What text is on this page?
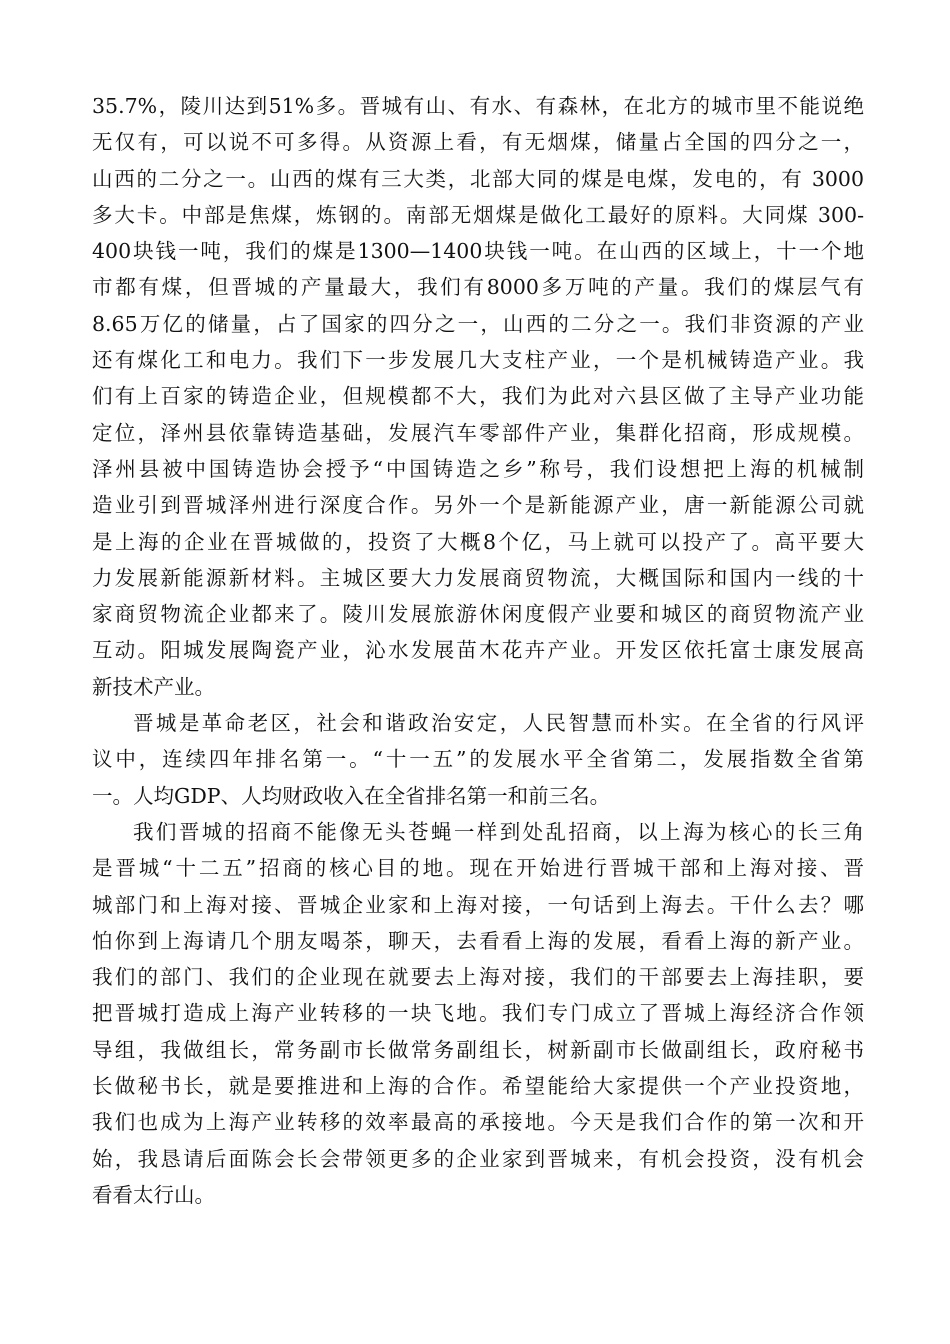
35.7%，陵川达到51%多。晋城有山、有水、有森林，在北方的城市里不能说绝
无仅有，可以说不可多得。从资源上看，有无烟煤，储量占全国的四分之一，
山西的二分之一。山西的煤有三大类，北部大同的煤是电煤，发电的，有 3000
多大卡。中部是焦煤，炼钢的。南部无烟煤是做化工最好的原料。大同煤 300-
400块钱一吨，我们的煤是1300—1400块钱一吨。在山西的区域上，十一个地
市都有煤，但晋城的产量最大，我们有8000多万吨的产量。我们的煤层气有
8.65万亿的储量，占了国家的四分之一，山西的二分之一。我们非资源的产业
还有煤化工和电力。我们下一步发展几大支柱产业，一个是机械铸造产业。我
们有上百家的铸造企业，但规模都不大，我们为此对六县区做了主导产业功能
定位，泽州县依靠铸造基础，发展汽车零部件产业，集群化招商，形成规模。
泽州县被中国铸造协会授予“中国铸造之乡”称号，我们设想把上海的机械制
造业引到晋城泽州进行深度合作。另外一个是新能源产业，唐一新能源公司就
是上海的企业在晋城做的，投资了大概8个亿，马上就可以投产了。高平要大
力发展新能源新材料。主城区要大力发展商贸物流，大概国际和国内一线的十
家商贸物流企业都来了。陵川发展旅游休闲度假产业要和城区的商贸物流产业
互动。阳城发展陶瓷产业，沁水发展苗木花卉产业。开发区依托富士康发展高
新技术产业。
晋城是革命老区，社会和谐政治安定，人民智慧而朴实。在全省的行风评
议中，连续四年排名第一。“十一五”的发展水平全省第二，发展指数全省第
一。人均GDP、人均财政收入在全省排名第一和前三名。
我们晋城的招商不能像无头苍蝇一样到处乱招商，以上海为核心的长三角
是晋城“十二五”招商的核心目的地。现在开始进行晋城干部和上海对接、晋
城部门和上海对接、晋城企业家和上海对接，一句话到上海去。干什么去？哪
怕你到上海请几个朋友喝茶，聊天，去看看上海的发展，看看上海的新产业。
我们的部门、我们的企业现在就要去上海对接，我们的干部要去上海挂职，要
把晋城打造成上海产业转移的一块飞地。我们专门成立了晋城上海经济合作领
导组，我做组长，常务副市长做常务副组长，树新副市长做副组长，政府秘书
长做秘书长，就是要推进和上海的合作。希望能给大家提供一个产业投资地，
我们也成为上海产业转移的效率最高的承接地。今天是我们合作的第一次和开
始，我恳请后面陈会长会带领更多的企业家到晋城来，有机会投资，没有机会
看看太行山。
